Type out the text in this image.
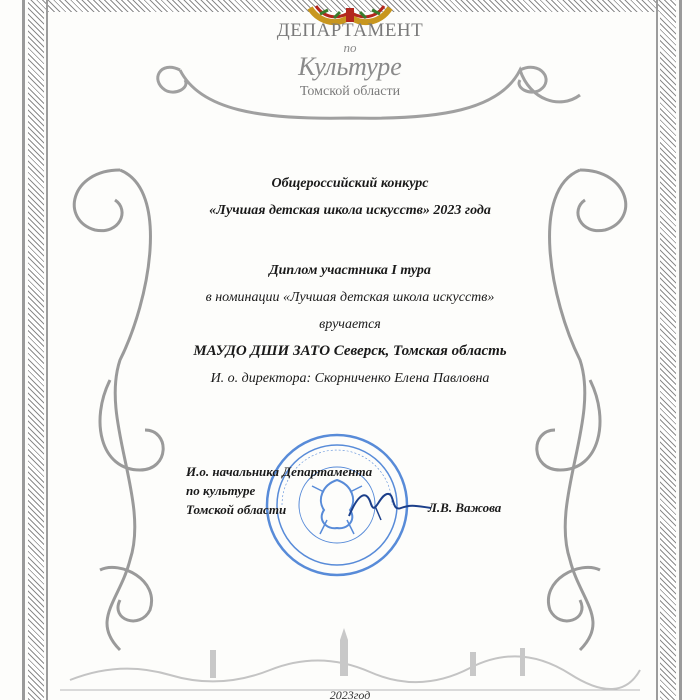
ДЕПАРТАМЕНТ
по
Культуре
Томской области
Общероссийский конкурс
«Лучшая детская школа искусств» 2023 года
Диплом участника I тура
в номинации «Лучшая детская школа искусств»
вручается
МАУДО ДШИ ЗАТО Северск, Томская область
И. о. директора: Скорниченко Елена Павловна
И.о. начальника Департамента
по культуре
Томской области	Л.В. Важова
2023год
